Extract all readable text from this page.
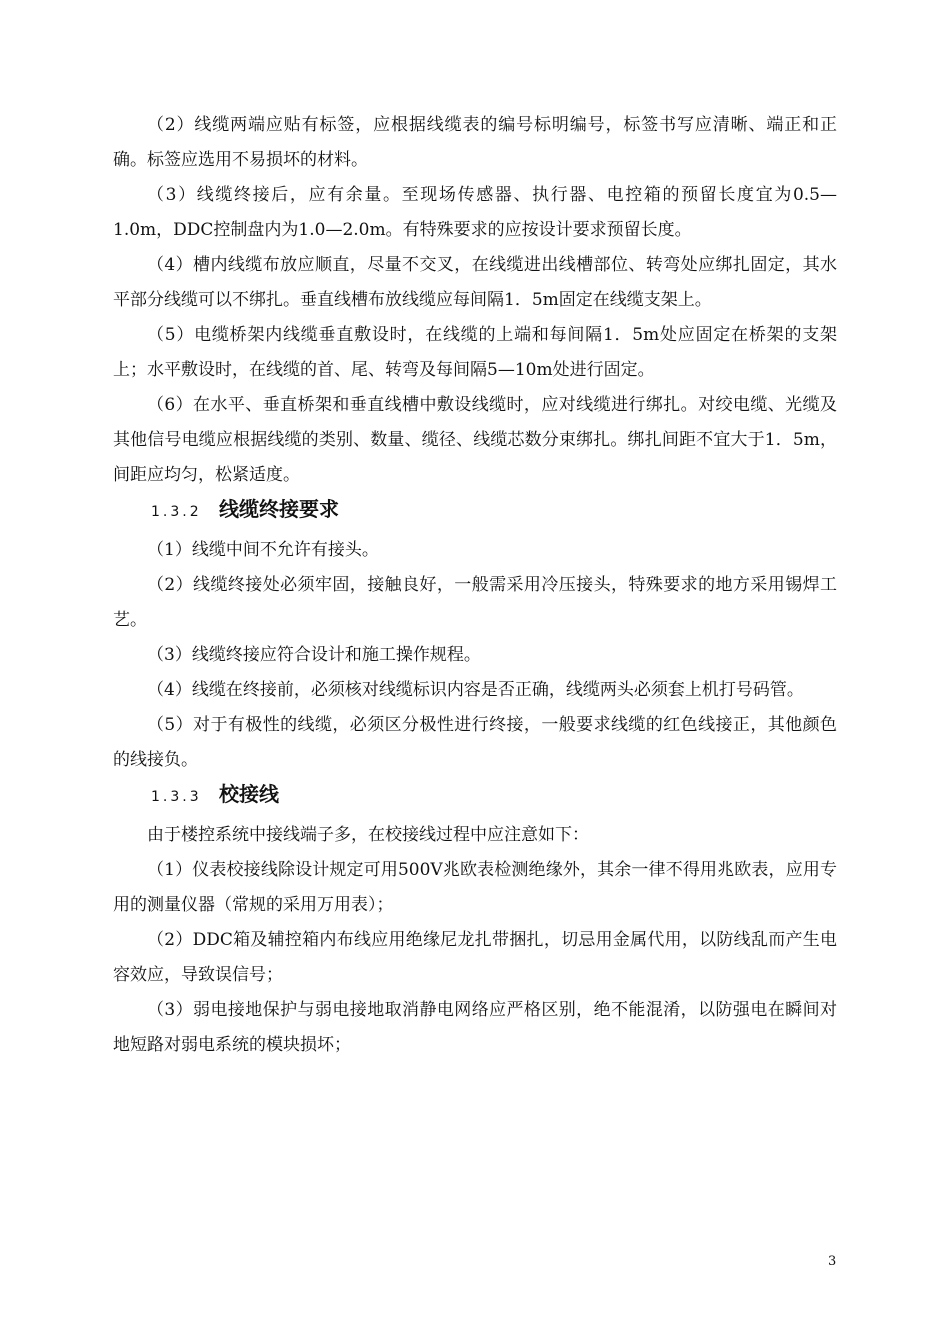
（2）线缆两端应贴有标签，应根据线缆表的编号标明编号，标签书写应清晰、端正和正确。标签应选用不易损坏的材料。

（3）线缆终接后，应有余量。至现场传感器、执行器、电控箱的预留长度宜为0.5—1.0m，DDC控制盘内为1.0—2.0m。有特殊要求的应按设计要求预留长度。

（4）槽内线缆布放应顺直，尽量不交叉，在线缆进出线槽部位、转弯处应绑扎固定，其水平部分线缆可以不绑扎。垂直线槽布放线缆应每间隔1．5m固定在线缆支架上。

（5）电缆桥架内线缆垂直敷设时，在线缆的上端和每间隔1．5m处应固定在桥架的支架上；水平敷设时，在线缆的首、尾、转弯及每间隔5—10m处进行固定。

（6）在水平、垂直桥架和垂直线槽中敷设线缆时，应对线缆进行绑扎。对绞电缆、光缆及其他信号电缆应根据线缆的类别、数量、缆径、线缆芯数分束绑扎。绑扎间距不宜大于1．5m，间距应均匀，松紧适度。

1.3.2 线缆终接要求

（1）线缆中间不允许有接头。

（2）线缆终接处必须牢固，接触良好，一般需采用冷压接头，特殊要求的地方采用锡焊工艺。

（3）线缆终接应符合设计和施工操作规程。

（4）线缆在终接前，必须核对线缆标识内容是否正确，线缆两头必须套上机打号码管。

（5）对于有极性的线缆，必须区分极性进行终接，一般要求线缆的红色线接正，其他颜色的线接负。

1.3.3 校接线

由于楼控系统中接线端子多，在校接线过程中应注意如下：

（1）仪表校接线除设计规定可用500V兆欧表检测绝缘外，其余一律不得用兆欧表，应用专用的测量仪器（常规的采用万用表）；

（2）DDC箱及辅控箱内布线应用绝缘尼龙扎带捆扎，切忌用金属代用，以防线乱而产生电容效应，导致误信号；

（3）弱电接地保护与弱电接地取消静电网络应严格区别，绝不能混淆，以防强电在瞬间对地短路对弱电系统的模块损坏；

3
